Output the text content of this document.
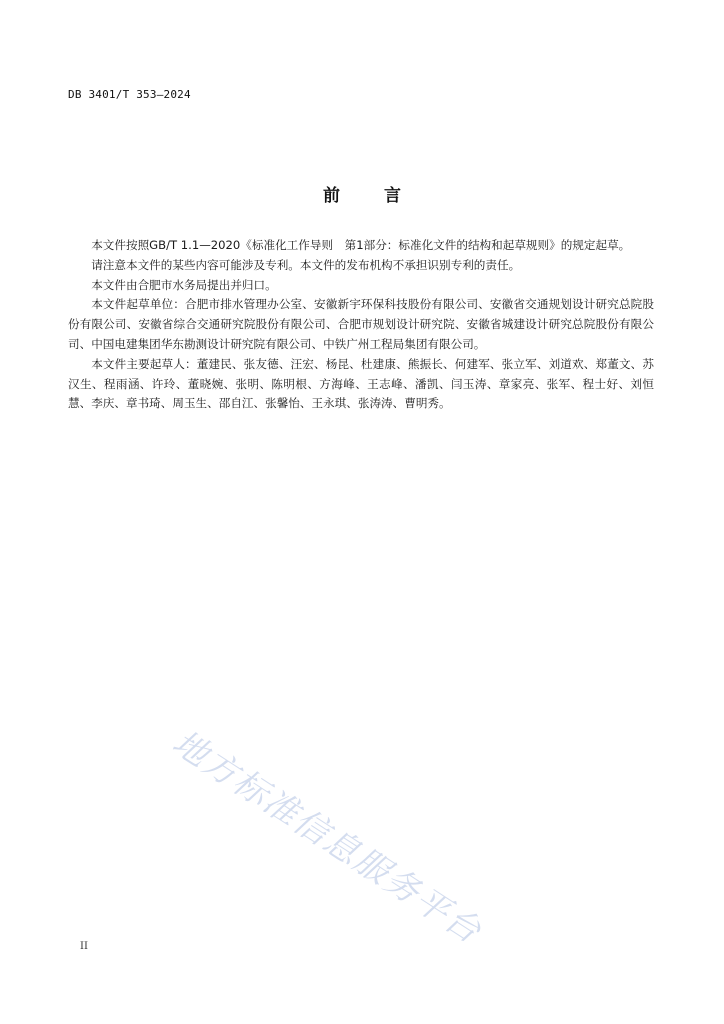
DB 3401/T 353—2024
前言

本文件按照GB/T 1.1—2020《标准化工作导则　第1部分：标准化文件的结构和起草规则》的规定起草。

请注意本文件的某些内容可能涉及专利。本文件的发布机构不承担识别专利的责任。

本文件由合肥市水务局提出并归口。

本文件起草单位：合肥市排水管理办公室、安徽新宇环保科技股份有限公司、安徽省交通规划设计研究总院股份有限公司、安徽省综合交通研究院股份有限公司、合肥市规划设计研究院、安徽省城建设计研究总院股份有限公司、中国电建集团华东勘测设计研究院有限公司、中铁广州工程局集团有限公司。

本文件主要起草人：董建民、张友德、汪宏、杨昆、杜建康、熊振长、何建军、张立军、刘道欢、郑董文、苏汉生、程雨涵、许玲、董晓婉、张明、陈明根、方海峰、王志峰、潘凯、闫玉涛、章家亮、张军、程士好、刘恒慧、李庆、章书琦、周玉生、邵自江、张馨怡、王永琪、张涛涛、曹明秀。

地方标准信息服务平台
II
